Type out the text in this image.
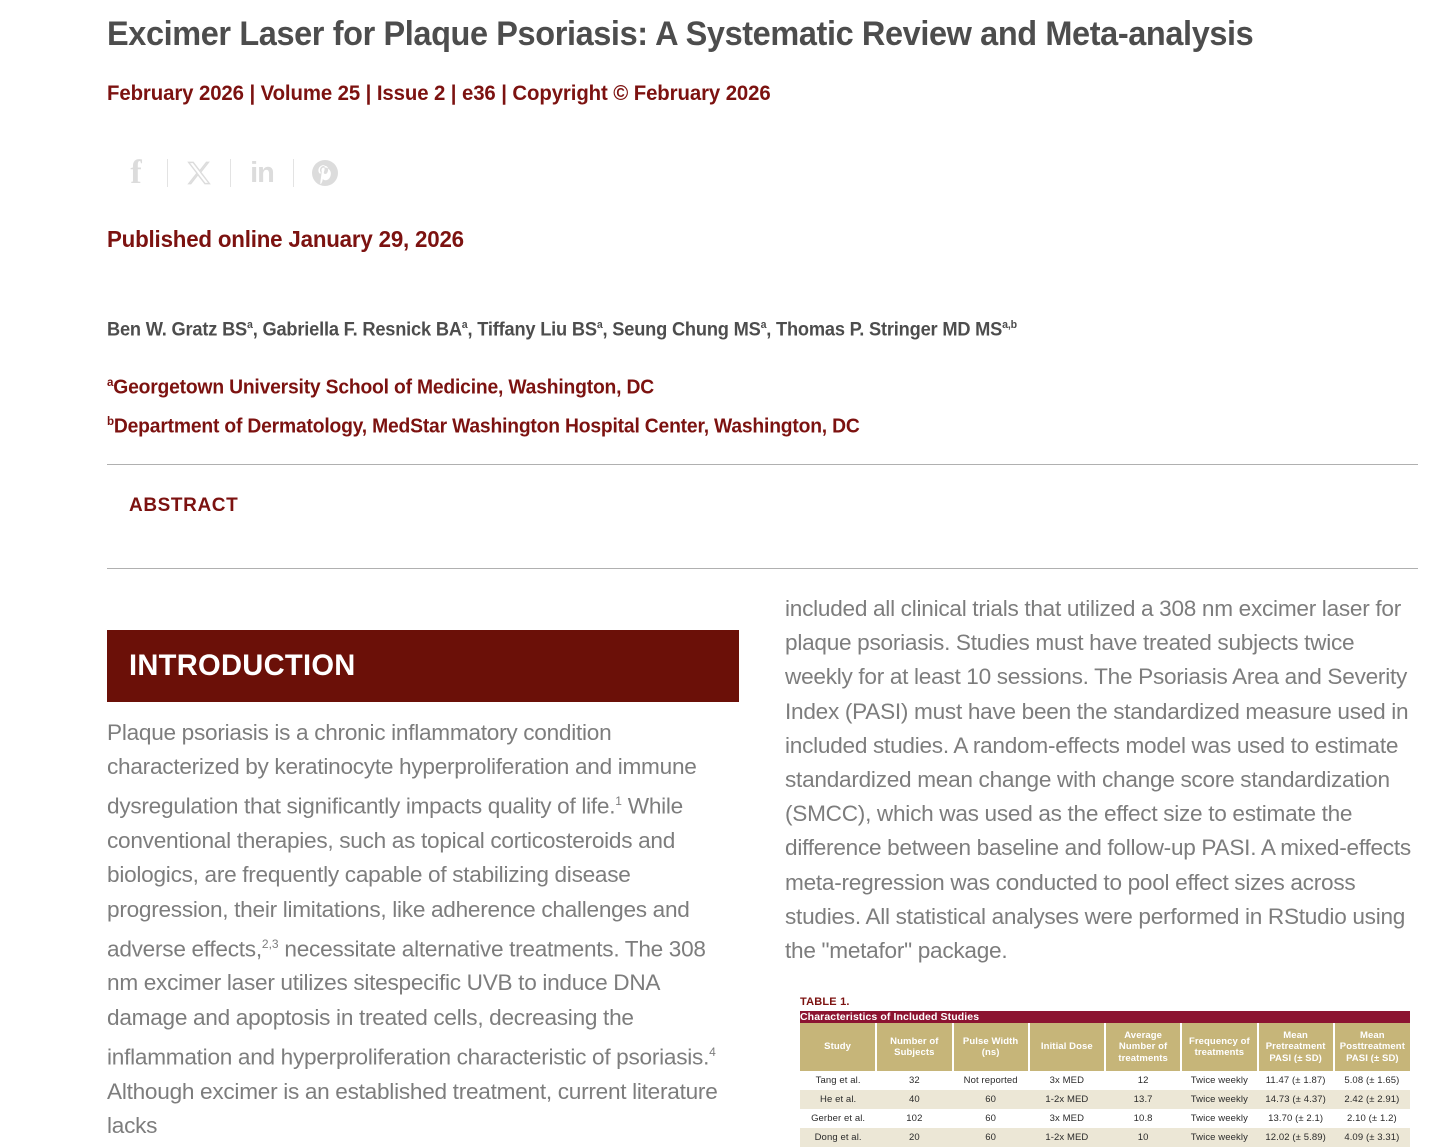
Excimer Laser for Plaque Psoriasis: A Systematic Review and Meta-analysis
February 2026 | Volume 25 | Issue 2 | e36 | Copyright © February 2026
f	in
Published online January 29, 2026
Ben W. Gratz $BS^a$, Gabriella F. Resnick $BA^a$, Tiffany Liu $BS^a$, Seung Chung $MS^a$, Thomas P. Stringer MD MS$^{a,b}$
$^a$Georgetown University School of Medicine, Washington, DC
$^b$Department of Dermatology, MedStar Washington Hospital Center, Washington, DC
ABSTRACT
INTRODUCTION
Plaque psoriasis is a chronic inflammatory condition characterized by keratinocyte hyperproliferation and immune dysregulation that significantly impacts quality of life.$^1$ While conventional therapies, such as topical corticosteroids and biologics, are frequently capable of stabilizing disease progression, their limitations, like adherence challenges and adverse effects,$^{2,3}$ necessitate alternative treatments. The 308 nm excimer laser utilizes sitespecific UVB to induce DNA damage and apoptosis in treated cells, decreasing the inflammation and hyperproliferation characteristic of psoriasis.$^4$ Although excimer is an established treatment, current literature lacks
included all clinical trials that utilized a 308 nm excimer laser for plaque psoriasis. Studies must have treated subjects twice weekly for at least 10 sessions. The Psoriasis Area and Severity Index (PASI) must have been the standardized measure used in included studies. A random-effects model was used to estimate standardized mean change with change score standardization (SMCC), which was used as the effect size to estimate the difference between baseline and follow-up PASI. A mixed-effects meta-regression was conducted to pool effect sizes across studies. All statistical analyses were performed in RStudio using the "metafor" package.
TABLE 1.
Characteristics of Included Studies							
Study	Number of Subjects	Pulse Width (ns)	Initial Dose	Average Number of treatments	Frequency of treatments	Mean Pretreatment PASI (± SD)	Mean Posttreatment PASI (± SD)
Tang et al.	32	Not reported	3x MED	12	Twice weekly	11.47 (± 1.87)	5.08 (± 1.65)
He et al.	40	60	1-2x MED	13.7	Twice weekly	14.73 (± 4.37)	2.42 (± 2.91)
Gerber et al.	102	60	3x MED	10.8	Twice weekly	13.70 (± 2.1)	2.10 (± 1.2)
Dong et al.	20	60	1-2x MED	10	Twice weekly	12.02 (± 5.89)	4.09 (± 3.31)
